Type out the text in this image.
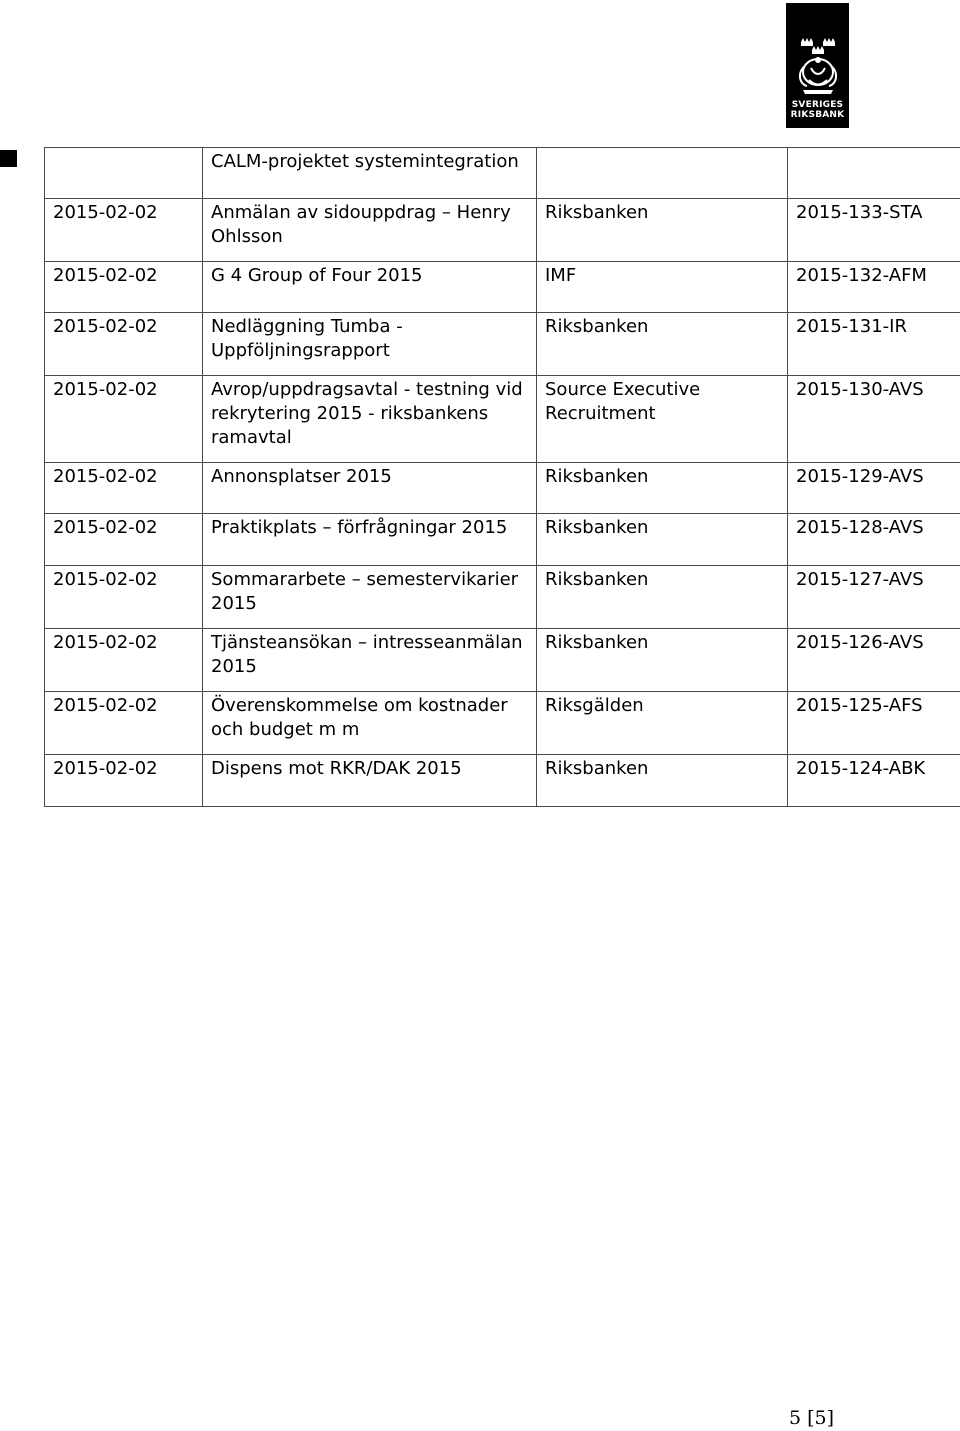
SVERIGES
RIKSBANK
	CALM-projektet systemintegration		
2015-02-02	Anmälan av sidouppdrag – Henry Ohlsson	Riksbanken	2015-133-STA
2015-02-02	G 4 Group of Four 2015	IMF	2015-132-AFM
2015-02-02	Nedläggning Tumba - Uppföljningsrapport	Riksbanken	2015-131-IR
2015-02-02	Avrop/uppdragsavtal - testning vid rekrytering 2015 - riksbankens ramavtal	Source Executive Recruitment	2015-130-AVS
2015-02-02	Annonsplatser 2015	Riksbanken	2015-129-AVS
2015-02-02	Praktikplats – förfrågningar 2015	Riksbanken	2015-128-AVS
2015-02-02	Sommararbete – semestervikarier 2015	Riksbanken	2015-127-AVS
2015-02-02	Tjänsteansökan – intresseanmälan 2015	Riksbanken	2015-126-AVS
2015-02-02	Överenskommelse om kostnader och budget m m	Riksgälden	2015-125-AFS
2015-02-02	Dispens mot RKR/DAK 2015	Riksbanken	2015-124-ABK
5 [5]
